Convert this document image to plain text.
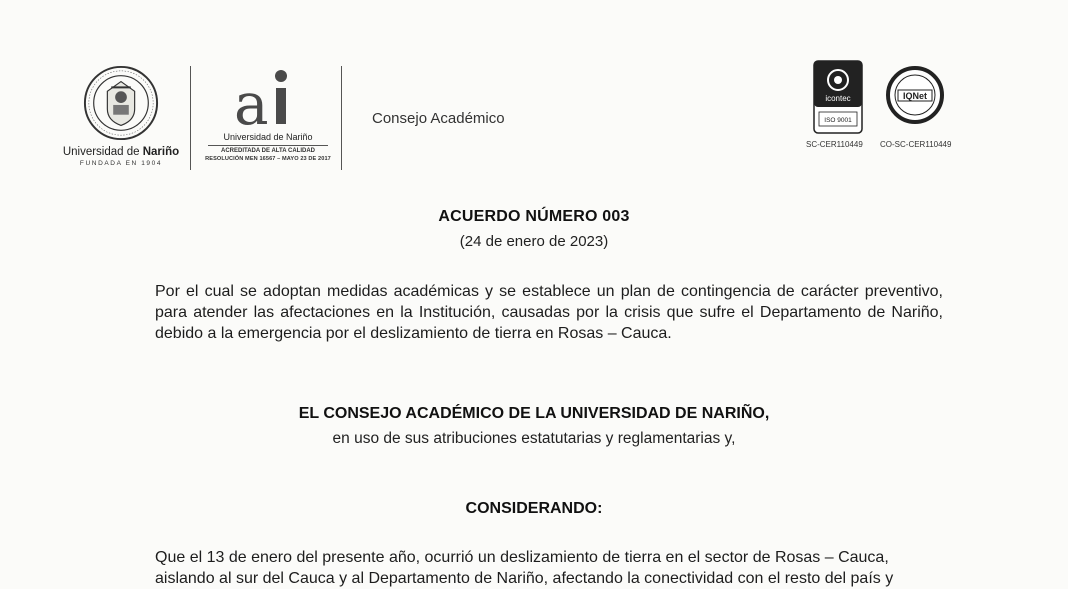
Universidad de Nariño
FUNDADA EN 1904
a
Universidad de Nariño
ACREDITADA DE ALTA CALIDAD
RESOLUCIÓN MEN 16567 – MAYO 23 DE 2017
Consejo Académico
icontec
ISO 9001
IQNet
SC-CER110449 CO-SC-CER110449
ACUERDO NÚMERO 003
(24 de enero de 2023)
Por el cual se adoptan medidas académicas y se establece un plan de contingencia de carácter preventivo, para atender las afectaciones en la Institución, causadas por la crisis que sufre el Departamento de Nariño, debido a la emergencia por el deslizamiento de tierra en Rosas – Cauca.
EL CONSEJO ACADÉMICO DE LA UNIVERSIDAD DE NARIÑO,
en uso de sus atribuciones estatutarias y reglamentarias y,
CONSIDERANDO:
Que el 13 de enero del presente año, ocurrió un deslizamiento de tierra en el sector de Rosas – Cauca,
aislando al sur del Cauca y al Departamento de Nariño, afectando la conectividad con el resto del país y
